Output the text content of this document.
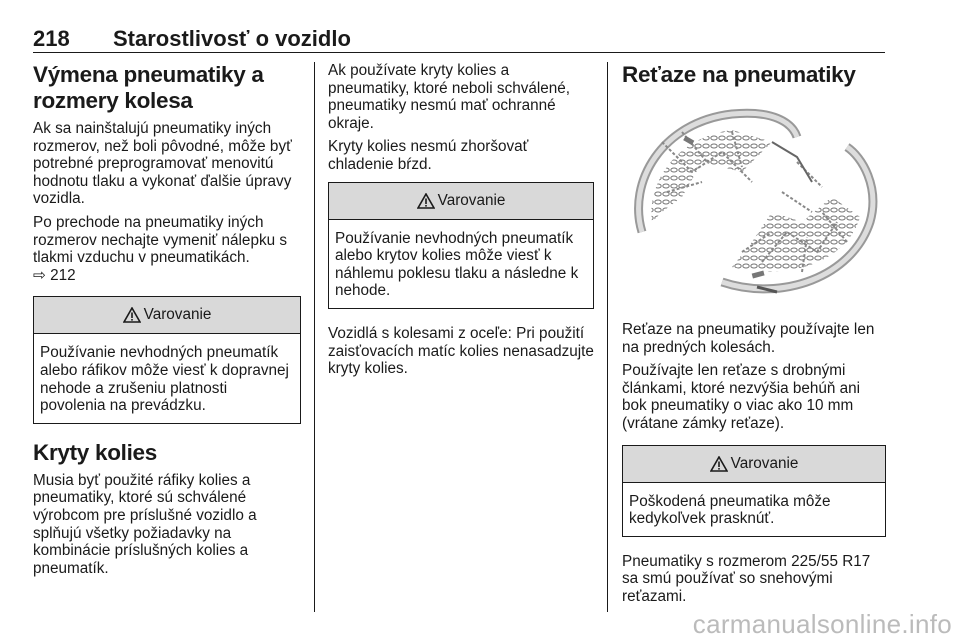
218 Starostlivosť o vozidlo
Výmena pneumatiky a rozmery kolesa

Ak sa nainštalujú pneumatiky iných rozmerov, než boli pôvodné, môže byť potrebné preprogramovať menovitú hodnotu tlaku a vykonať ďalšie úpravy vozidla.

Po prechode na pneumatiky iných rozmerov nechajte vymeniť nálepku s tlakmi vzduchu v pneumatikách.
⇨ 212

Varovanie

Používanie nevhodných pneumatík alebo ráfikov môže viesť k dopravnej nehode a zrušeniu platnosti povolenia na prevádzku.

Kryty kolies

Musia byť použité ráfiky kolies a pneumatiky, ktoré sú schválené výrobcom pre príslušné vozidlo a splňujú všetky požiadavky na kombinácie príslušných kolies a pneumatík.

Ak používate kryty kolies a pneumatiky, ktoré neboli schválené, pneumatiky nesmú mať ochranné okraje.

Kryty kolies nesmú zhoršovať chladenie bŕzd.

Varovanie

Používanie nevhodných pneumatík alebo krytov kolies môže viesť k náhlemu poklesu tlaku a následne k nehode.

Vozidlá s kolesami z oceľe: Pri použití zaisťovacích matíc kolies nenasadzujte kryty kolies.

Reťaze na pneumatiky

Reťaze na pneumatiky používajte len na predných kolesách.

Používajte len reťaze s drobnými článkami, ktoré nezvýšia behúň ani bok pneumatiky o viac ako 10 mm (vrátane zámky reťaze).

Varovanie

Poškodená pneumatika môže kedykoľvek prasknúť.

Pneumatiky s rozmerom 225/55 R17 sa smú používať so snehovými reťazami.

carmanualsonline.info
